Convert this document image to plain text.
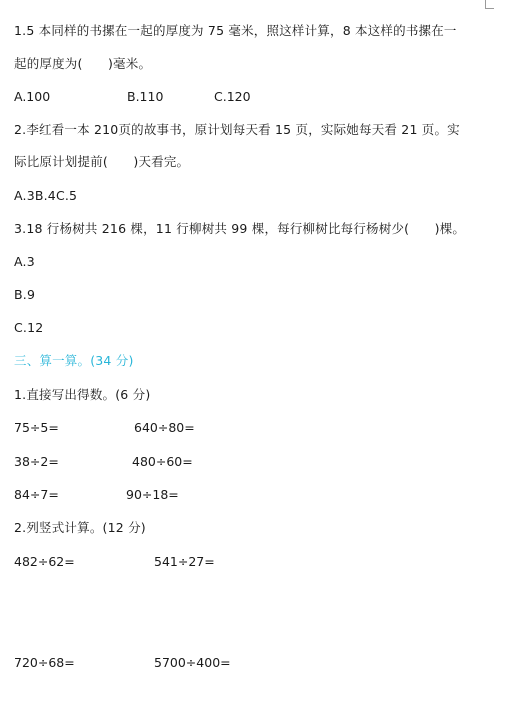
1.5 本同样的书摞在一起的厚度为 75 毫米，照这样计算，8 本这样的书摞在一
起的厚度为(　　)毫米。
A.100	B.110	C.120
2.李红看一本 210页的故事书，原计划每天看 15 页，实际她每天看 21 页。实
际比原计划提前(　　)天看完。
A.3B.4C.5
3.18 行杨树共 216 棵，11 行柳树共 99 棵，每行柳树比每行杨树少(　　)棵。
A.3
B.9
C.12
三、算一算。(34 分)
1.直接写出得数。(6 分)
75÷5=	640÷80=
38÷2=	480÷60=
84÷7=	90÷18=
2.列竖式计算。(12 分)
482÷62=	541÷27=
720÷68=	5700÷400=
